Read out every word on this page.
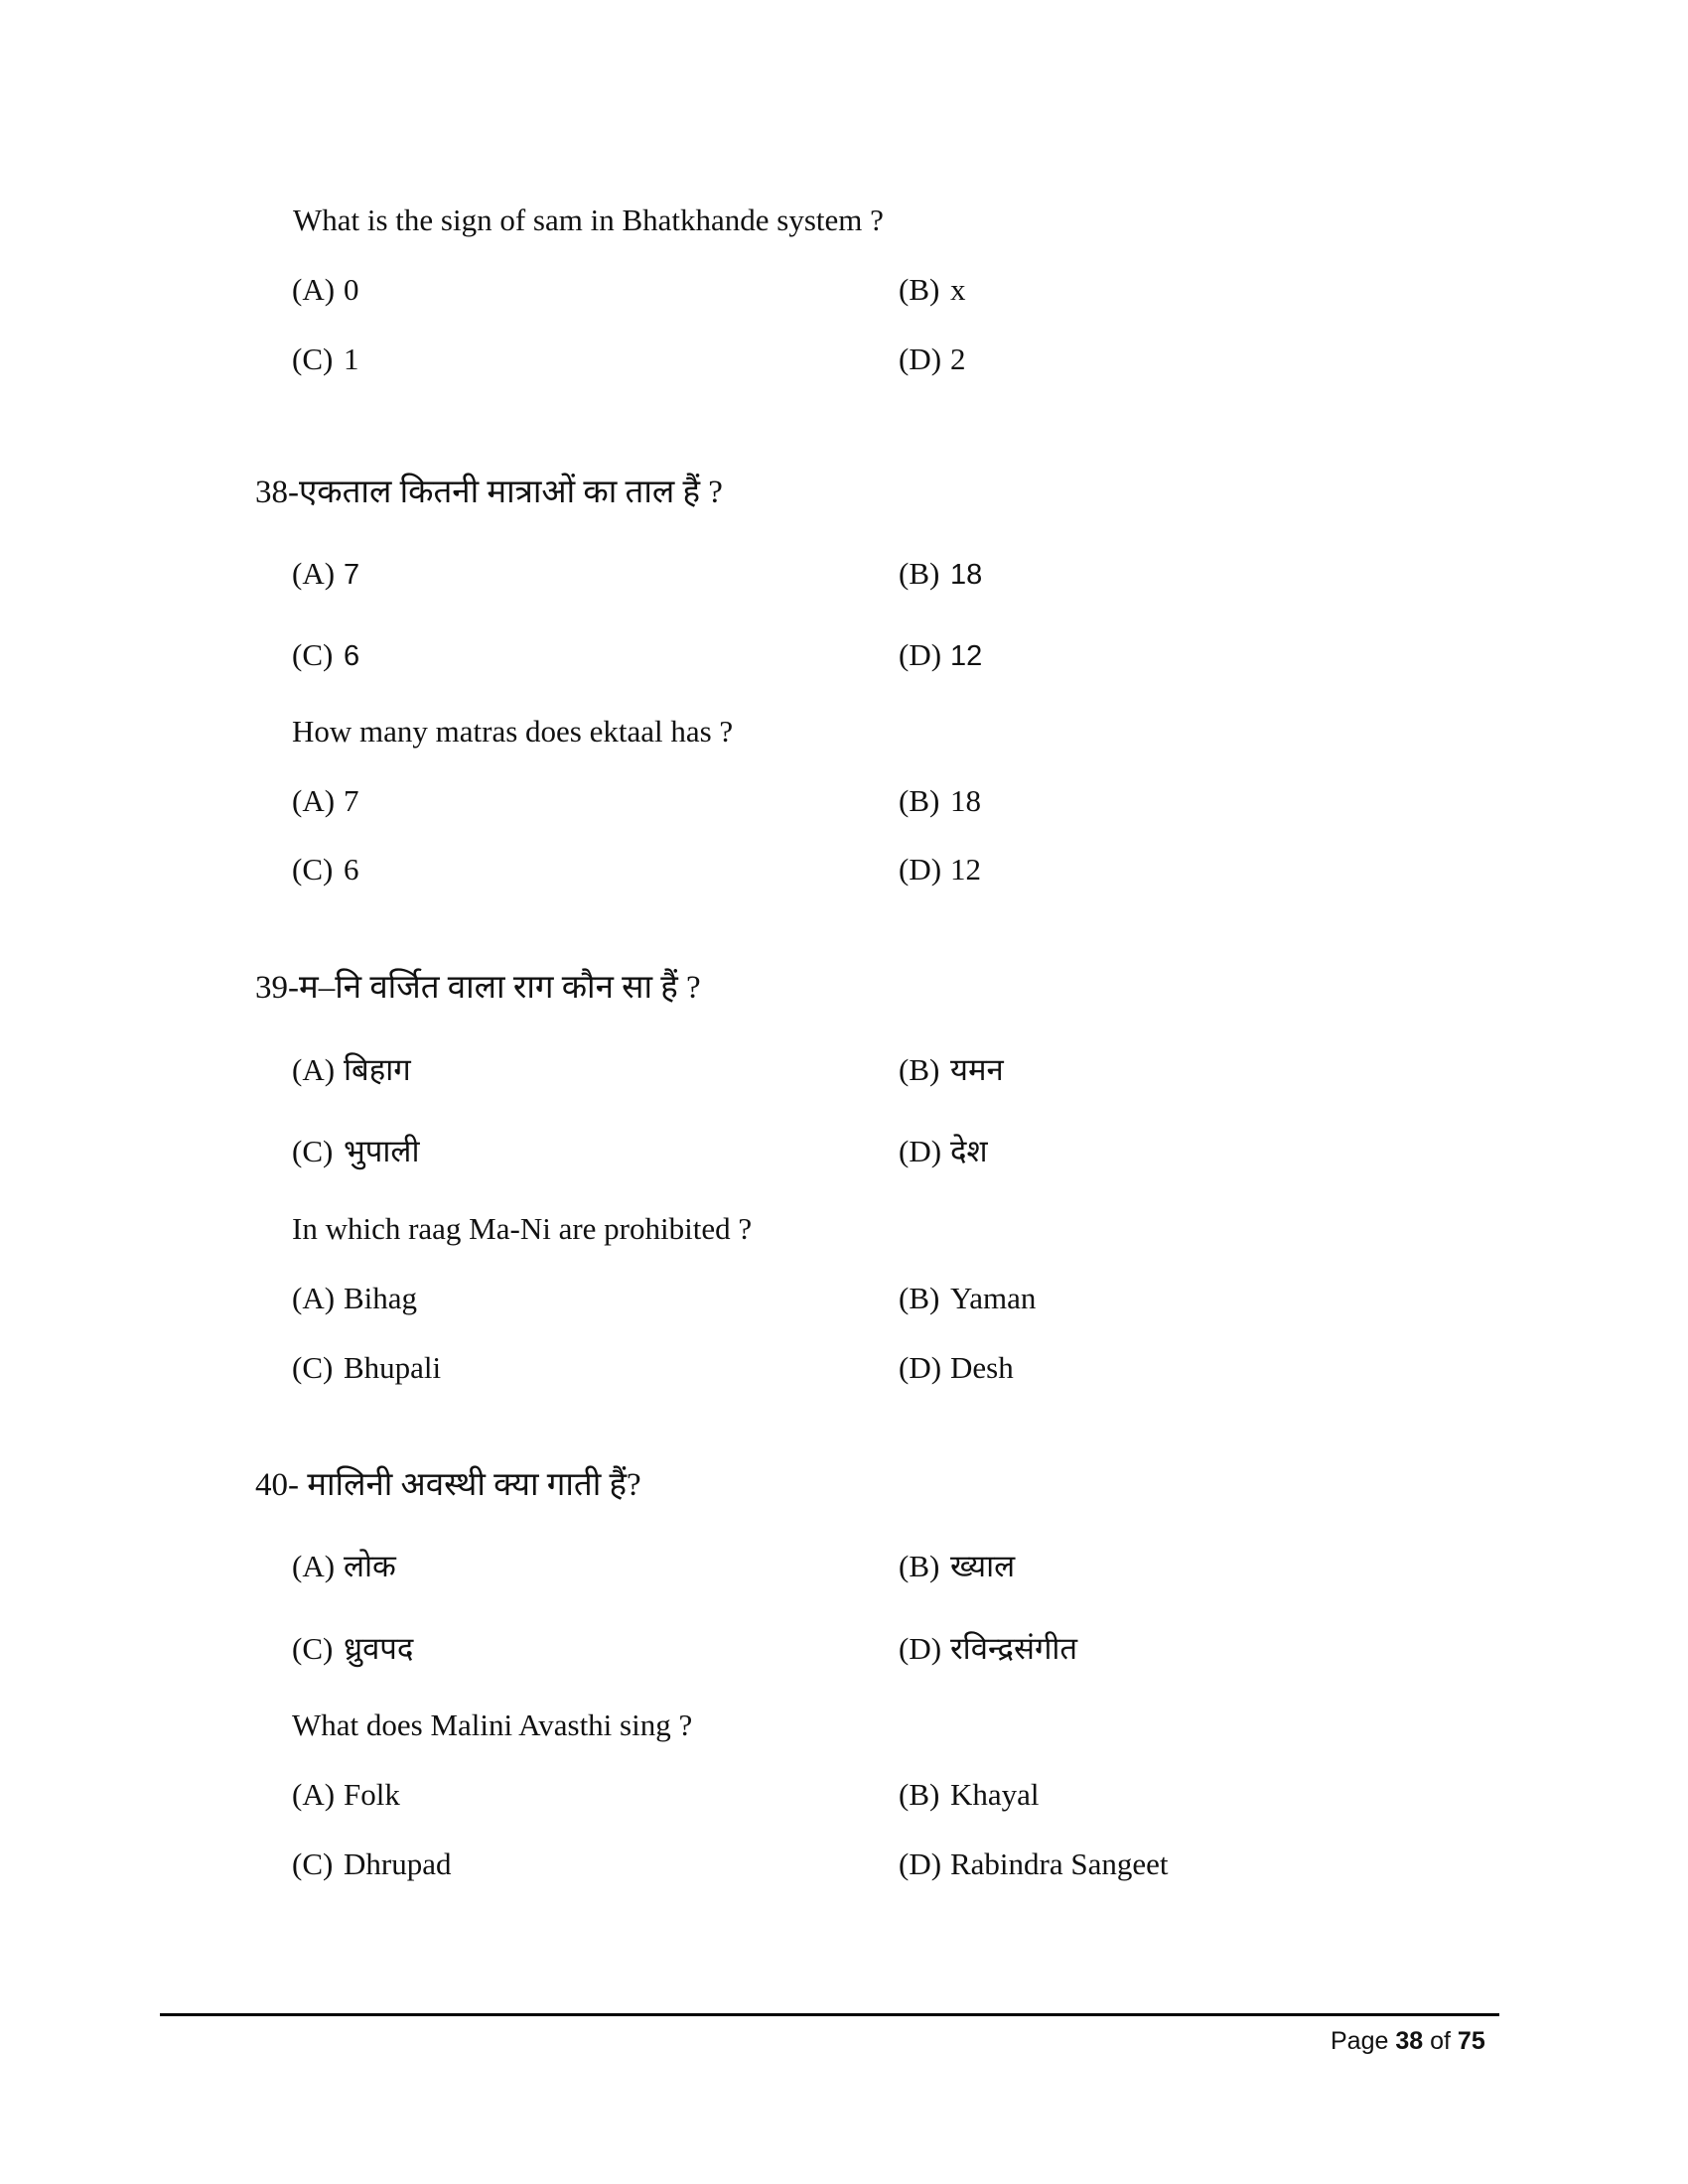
What is the sign of sam in Bhatkhande system ?
(A) 0	(B) x
(C) 1	(D) 2
38-एकताल कितनी मात्राओं का ताल हैं ?
(A) 7	(B) 18
(C) 6	(D) 12
How many matras does ektaal has ?
(A) 7	(B) 18
(C) 6	(D) 12
39-म–नि वर्जित वाला राग कौन सा हैं ?
(A) बिहाग	(B) यमन
(C) भुपाली	(D) देश
In which raag Ma-Ni are prohibited ?
(A) Bihag	(B) Yaman
(C) Bhupali	(D) Desh
40- मालिनी अवस्थी क्या गाती हैं?
(A) लोक	(B) ख्याल
(C) ध्रुवपद	(D) रविन्द्रसंगीत
What does Malini Avasthi sing ?
(A) Folk	(B) Khayal
(C) Dhrupad	(D) Rabindra Sangeet
Page 38 of 75
